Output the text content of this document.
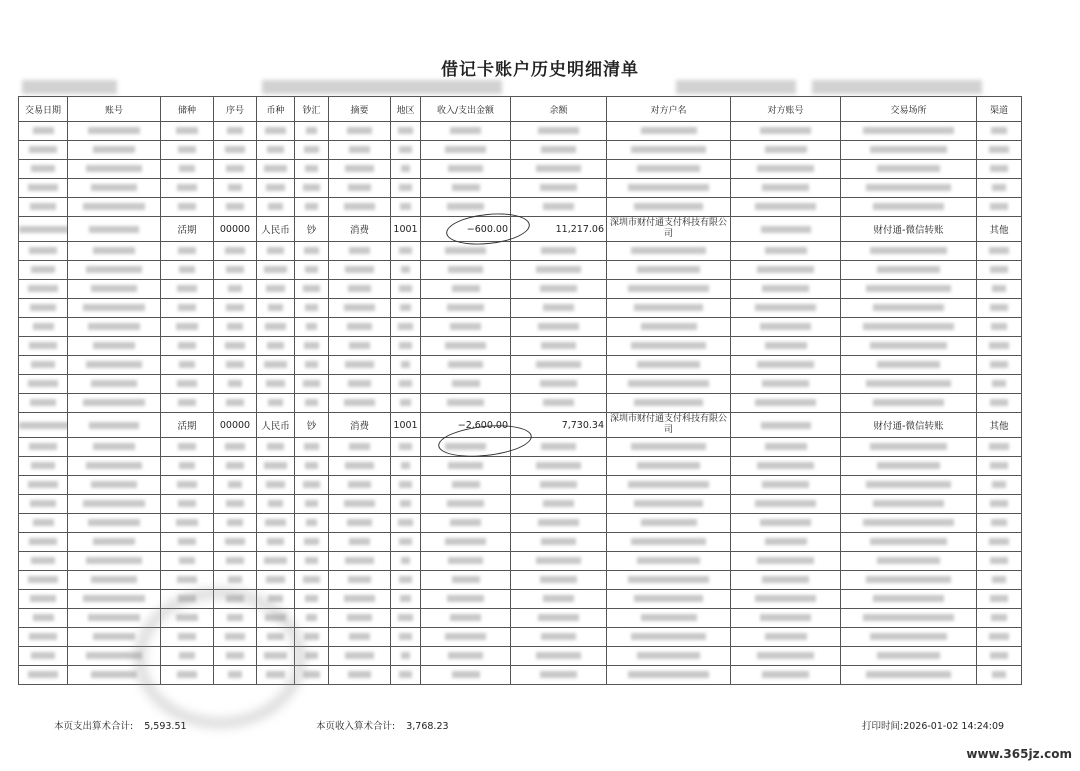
借记卡账户历史明细清单
交易日期	账号	储种	序号	币种	钞汇	摘要	地区	收入/支出金额	余额	对方户名	对方账号	交易场所	渠道

		活期	00000	人民币	钞	消费	1001	−600.00	11,217.06	深圳市财付通支付科技有限公司		财付通-微信转账	其他

		活期	00000	人民币	钞	消费	1001	−2,600.00	7,730.34	深圳市财付通支付科技有限公司		财付通-微信转账	其他

本页支出算术合计: 5,593.51	本页收入算术合计: 3,768.23	打印时间:2026-01-02 14:24:09
www.365jz.com
